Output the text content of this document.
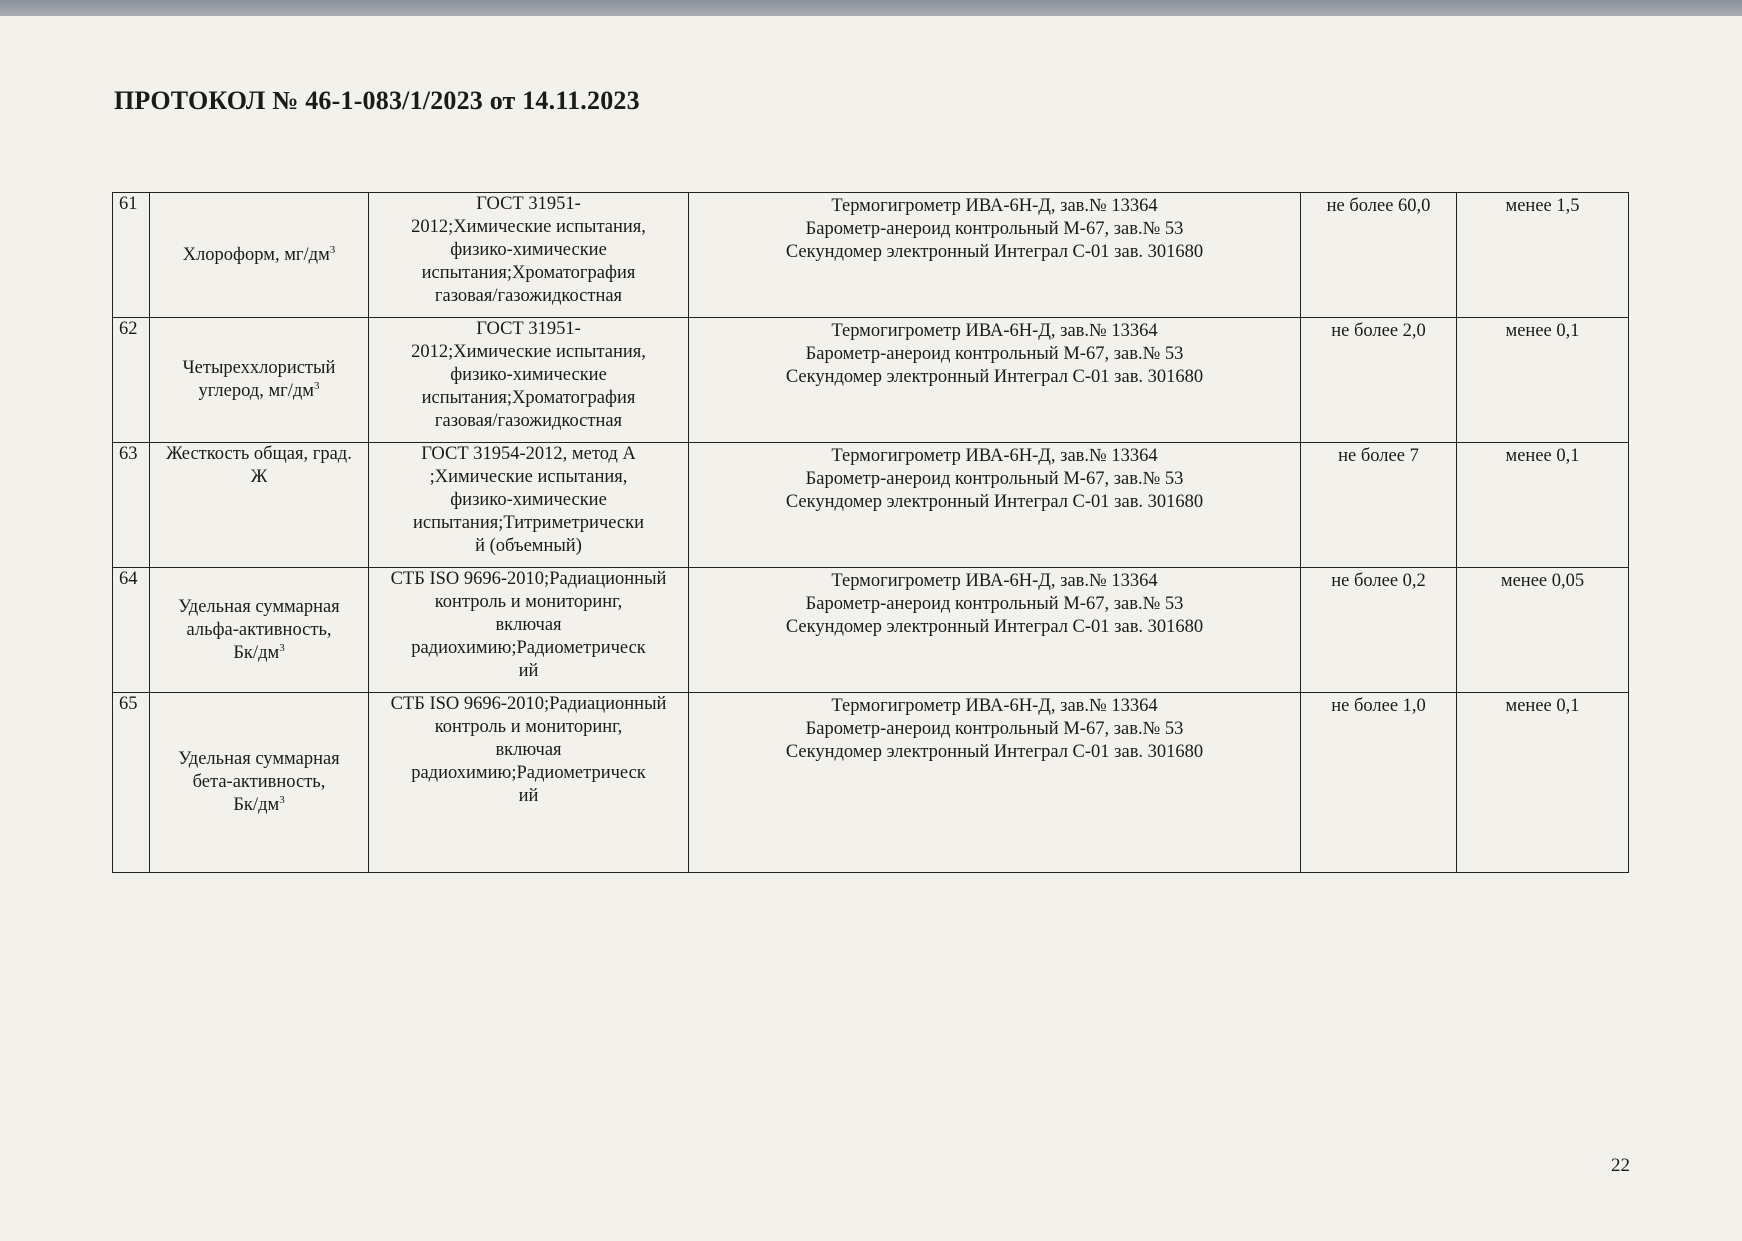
ПРОТОКОЛ № 46-1-083/1/2023 от 14.11.2023
61	Хлороформ, $мг/дм^3$	ГОСТ 31951-
2012;Химические испытания,
физико-химические
испытания;Хроматография
газовая/газожидкостная	Термогигрометр ИВА-6Н-Д, зав.№ 13364
Барометр-анероид контрольный М-67, зав.№ 53
Секундомер электронный Интеграл С-01 зав. 301680	не более 60,0	менее 1,5
62	Четыреххлористый
углерод, $мг/дм^3$	ГОСТ 31951-
2012;Химические испытания,
физико-химические
испытания;Хроматография
газовая/газожидкостная	Термогигрометр ИВА-6Н-Д, зав.№ 13364
Барометр-анероид контрольный М-67, зав.№ 53
Секундомер электронный Интеграл С-01 зав. 301680	не более 2,0	менее 0,1
63	Жесткость общая, град.
Ж	ГОСТ 31954-2012, метод А
;Химические испытания,
физико-химические
испытания;Титриметрически
й (объемный)	Термогигрометр ИВА-6Н-Д, зав.№ 13364
Барометр-анероид контрольный М-67, зав.№ 53
Секундомер электронный Интеграл С-01 зав. 301680	не более 7	менее 0,1
64	Удельная суммарная
альфа-активность,
$Бк/дм^3$	СТБ ISO 9696-2010;Радиационный
контроль и мониторинг,
включая
радиохимию;Радиометрическ
ий	Термогигрометр ИВА-6Н-Д, зав.№ 13364
Барометр-анероид контрольный М-67, зав.№ 53
Секундомер электронный Интеграл С-01 зав. 301680	не более 0,2	менее 0,05
65	Удельная суммарная
бета-активность,
$Бк/дм^3$	СТБ ISO 9696-2010;Радиационный
контроль и мониторинг,
включая
радиохимию;Радиометрическ
ий	Термогигрометр ИВА-6Н-Д, зав.№ 13364
Барометр-анероид контрольный М-67, зав.№ 53
Секундомер электронный Интеграл С-01 зав. 301680	не более 1,0	менее 0,1
22
